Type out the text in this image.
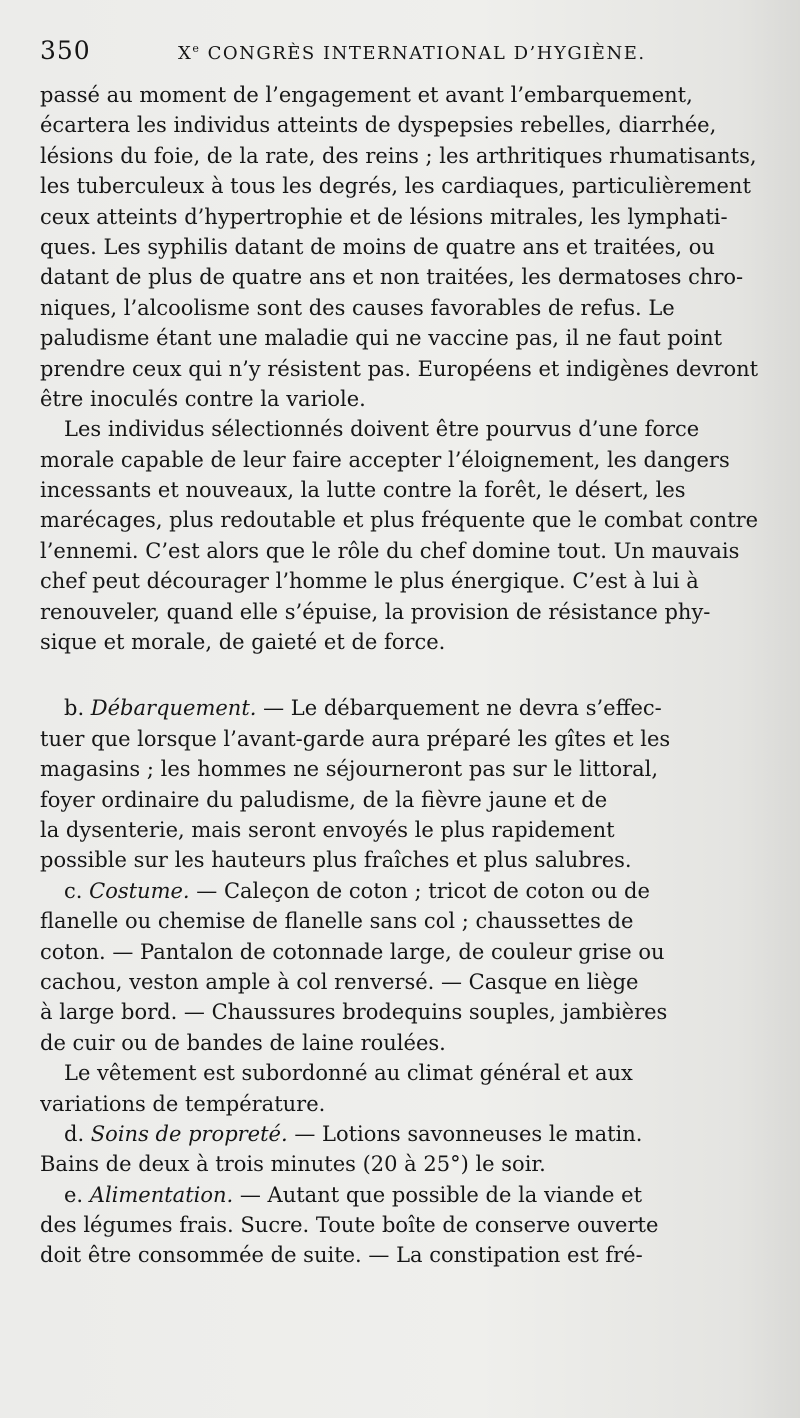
350	Xe CONGRÈS INTERNATIONAL D’HYGIÈNE.
passé au moment de l’engagement et avant l’embarquement,
écartera les individus atteints de dyspepsies rebelles, diarrhée,
lésions du foie, de la rate, des reins ; les arthritiques rhumatisants,
les tuberculeux à tous les degrés, les cardiaques, particulièrement
ceux atteints d’hypertrophie et de lésions mitrales, les lymphati-
ques. Les syphilis datant de moins de quatre ans et traitées, ou
datant de plus de quatre ans et non traitées, les dermatoses chro-
niques, l’alcoolisme sont des causes favorables de refus. Le
paludisme étant une maladie qui ne vaccine pas, il ne faut point
prendre ceux qui n’y résistent pas. Européens et indigènes devront
être inoculés contre la variole.
Les individus sélectionnés doivent être pourvus d’une force
morale capable de leur faire accepter l’éloignement, les dangers
incessants et nouveaux, la lutte contre la forêt, le désert, les
marécages, plus redoutable et plus fréquente que le combat contre
l’ennemi. C’est alors que le rôle du chef domine tout. Un mauvais
chef peut décourager l’homme le plus énergique. C’est à lui à
renouveler, quand elle s’épuise, la provision de résistance phy-
sique et morale, de gaieté et de force.
b. Débarquement. — Le débarquement ne devra s’effec-
tuer que lorsque l’avant-garde aura préparé les gîtes et les
magasins ; les hommes ne séjourneront pas sur le littoral,
foyer ordinaire du paludisme, de la fièvre jaune et de
la dysenterie, mais seront envoyés le plus rapidement
possible sur les hauteurs plus fraîches et plus salubres.
c. Costume. — Caleçon de coton ; tricot de coton ou de
flanelle ou chemise de flanelle sans col ; chaussettes de
coton. — Pantalon de cotonnade large, de couleur grise ou
cachou, veston ample à col renversé. — Casque en liège
à large bord. — Chaussures brodequins souples, jambières
de cuir ou de bandes de laine roulées.
Le vêtement est subordonné au climat général et aux
variations de température.
d. Soins de propreté. — Lotions savonneuses le matin.
Bains de deux à trois minutes (20 à 25°) le soir.
e. Alimentation. — Autant que possible de la viande et
des légumes frais. Sucre. Toute boîte de conserve ouverte
doit être consommée de suite. — La constipation est fré-
